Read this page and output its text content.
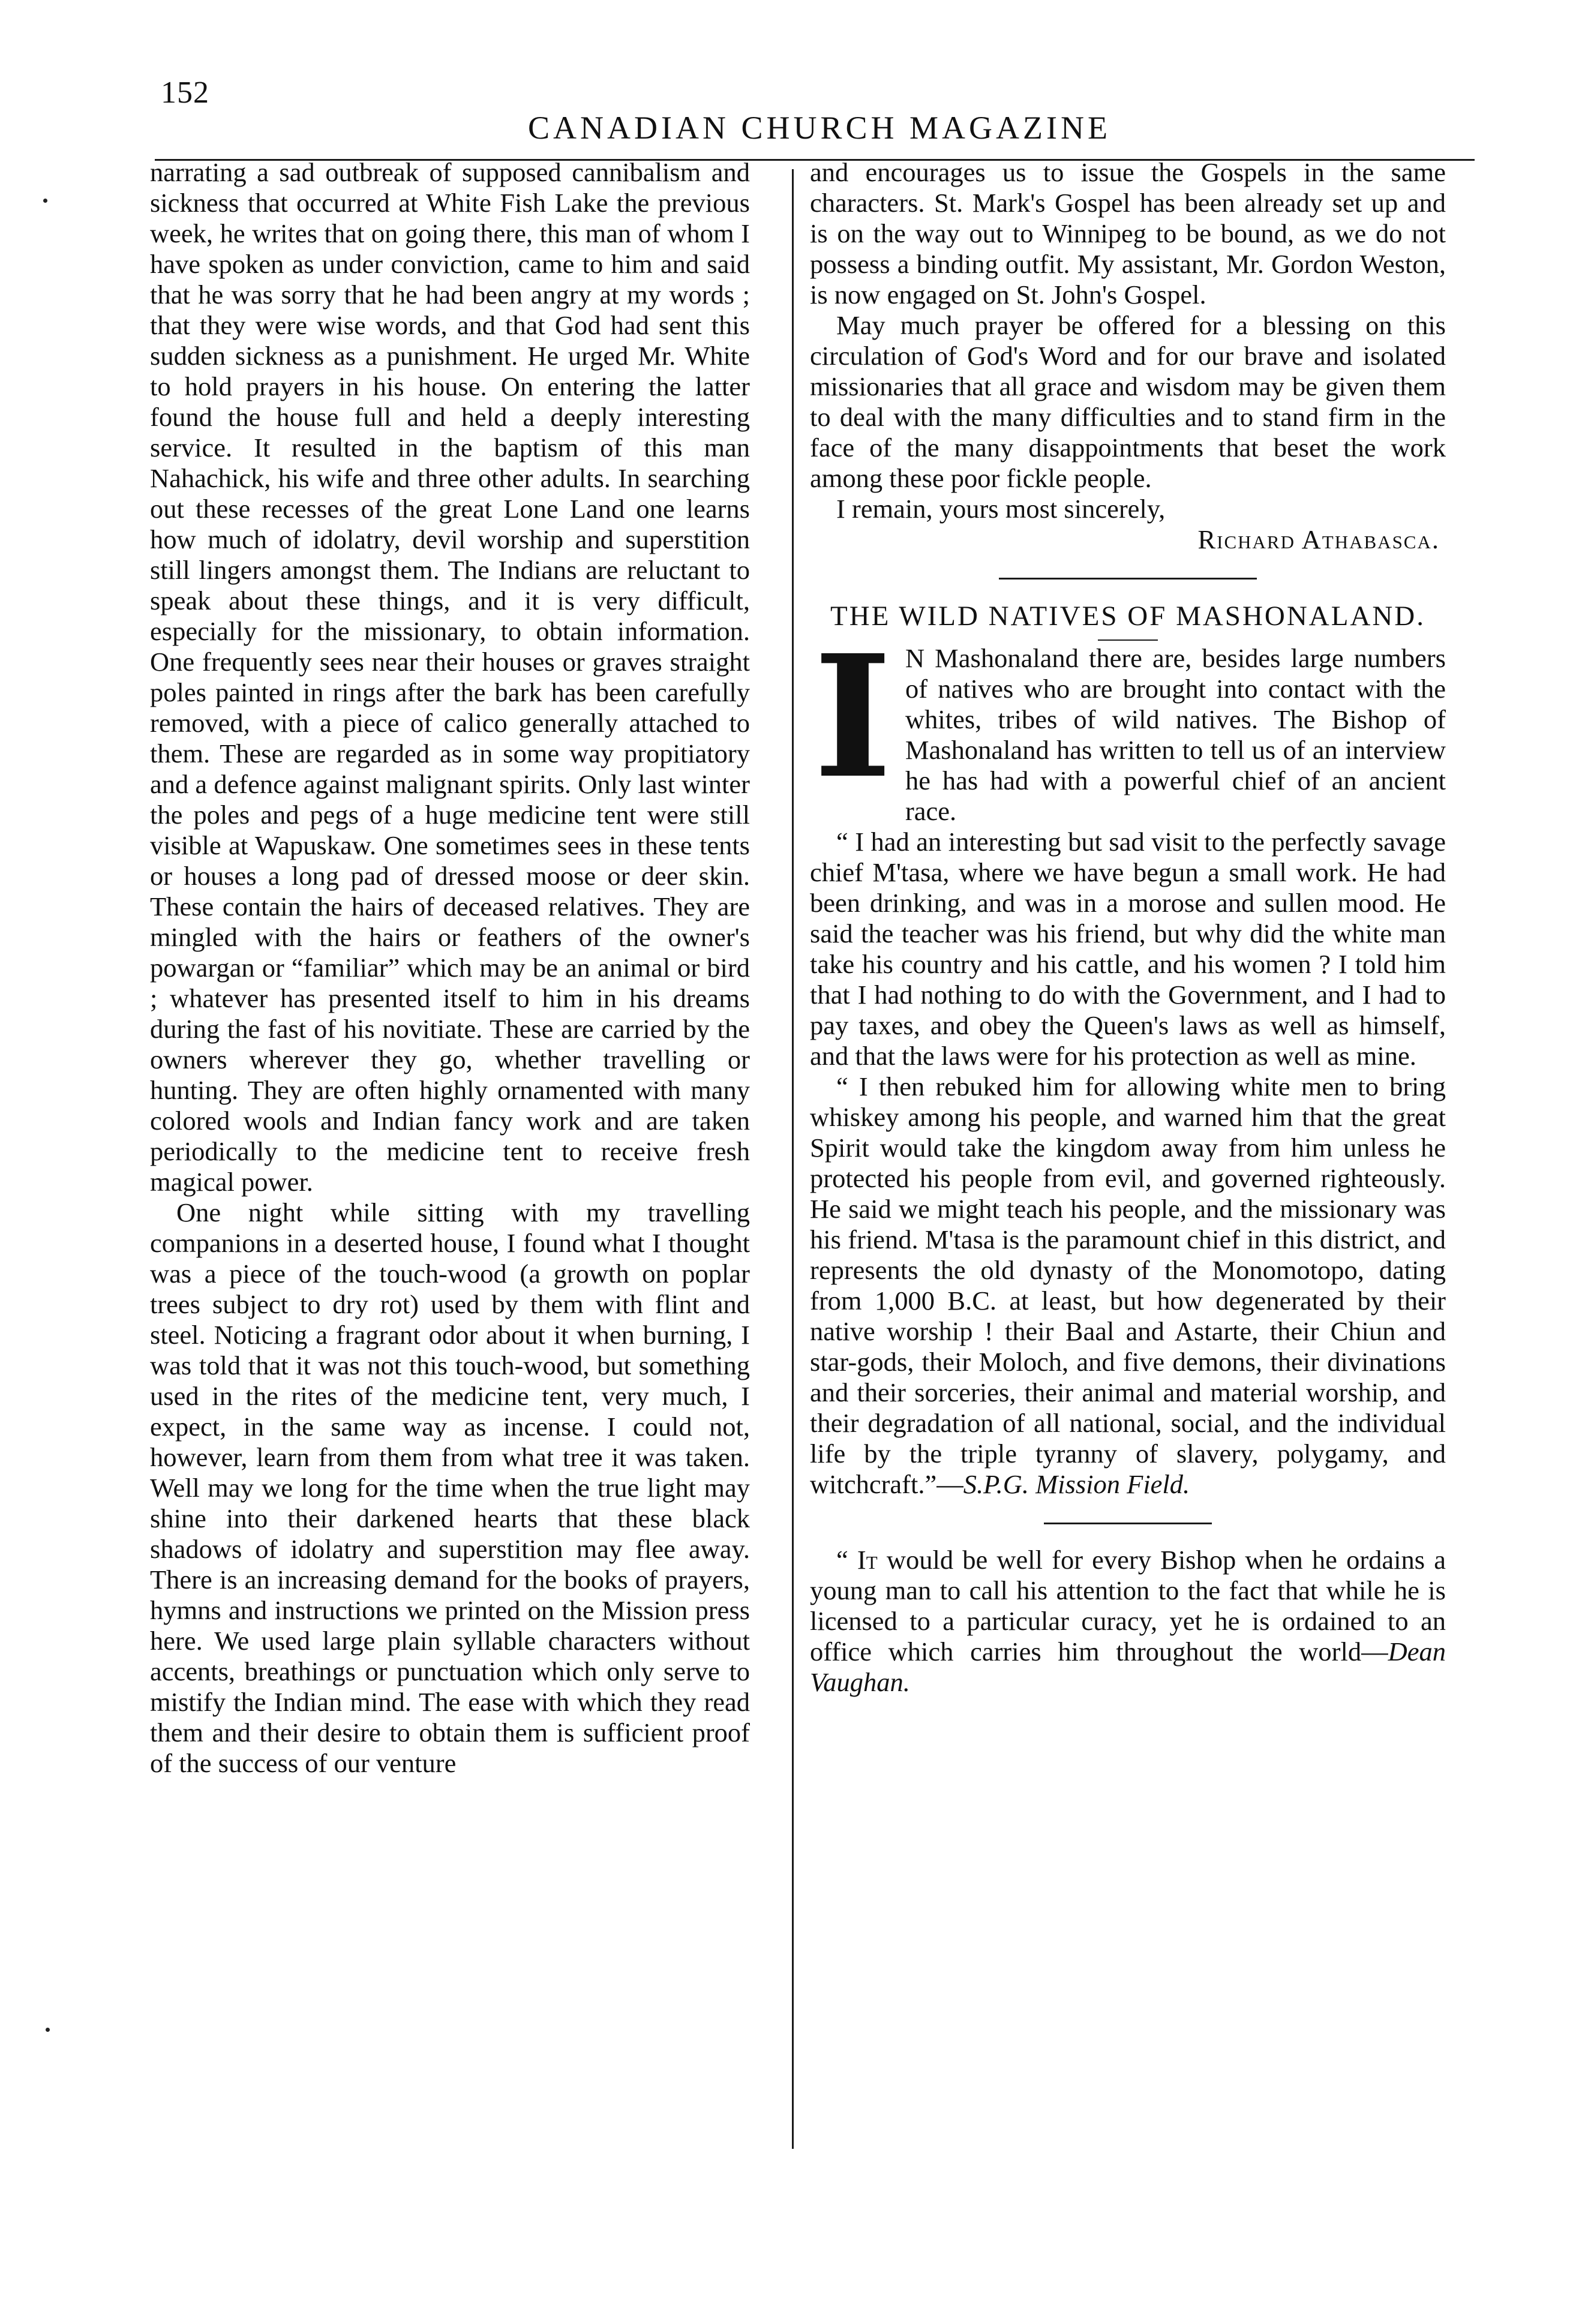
152
CANADIAN CHURCH MAGAZINE

narrating a sad outbreak of supposed cannibalism and sickness that occurred at White Fish Lake the previous week, he writes that on going there, this man of whom I have spoken as under conviction, came to him and said that he was sorry that he had been angry at my words ; that they were wise words, and that God had sent this sudden sickness as a punishment. He urged Mr. White to hold prayers in his house. On entering the latter found the house full and held a deeply interesting service. It resulted in the baptism of this man Nahachick, his wife and three other adults. In searching out these recesses of the great Lone Land one learns how much of idolatry, devil worship and superstition still lingers amongst them. The Indians are reluctant to speak about these things, and it is very difficult, especially for the missionary, to obtain information. One frequently sees near their houses or graves straight poles painted in rings after the bark has been carefully removed, with a piece of calico generally attached to them. These are regarded as in some way propitiatory and a defence against malignant spirits. Only last winter the poles and pegs of a huge medicine tent were still visible at Wapuskaw. One sometimes sees in these tents or houses a long pad of dressed moose or deer skin. These contain the hairs of deceased relatives. They are mingled with the hairs or feathers of the owner's powargan or “familiar” which may be an animal or bird ; whatever has presented itself to him in his dreams during the fast of his novitiate. These are carried by the owners wherever they go, whether travelling or hunting. They are often highly ornamented with many colored wools and Indian fancy work and are taken periodically to the medicine tent to receive fresh magical power.

One night while sitting with my travelling companions in a deserted house, I found what I thought was a piece of the touch-wood (a growth on poplar trees subject to dry rot) used by them with flint and steel. Noticing a fragrant odor about it when burning, I was told that it was not this touch-wood, but something used in the rites of the medicine tent, very much, I expect, in the same way as incense. I could not, however, learn from them from what tree it was taken. Well may we long for the time when the true light may shine into their darkened hearts that these black shadows of idolatry and superstition may flee away. There is an increasing demand for the books of prayers, hymns and instructions we printed on the Mission press here. We used large plain syllable characters without accents, breathings or punctuation which only serve to mistify the Indian mind. The ease with which they read them and their desire to obtain them is sufficient proof of the success of our venture

and encourages us to issue the Gospels in the same characters. St. Mark's Gospel has been already set up and is on the way out to Winnipeg to be bound, as we do not possess a binding outfit. My assistant, Mr. Gordon Weston, is now engaged on St. John's Gospel.

May much prayer be offered for a blessing on this circulation of God's Word and for our brave and isolated missionaries that all grace and wisdom may be given them to deal with the many difficulties and to stand firm in the face of the many disappointments that beset the work among these poor fickle people.

I remain, yours most sincerely,

Richard Athabasca.

THE WILD NATIVES OF MASHONALAND.

I N Mashonaland there are, besides large numbers of natives who are brought into contact with the whites, tribes of wild natives. The Bishop of Mashonaland has written to tell us of an interview he has had with a powerful chief of an ancient race.

“ I had an interesting but sad visit to the perfectly savage chief M'tasa, where we have begun a small work. He had been drinking, and was in a morose and sullen mood. He said the teacher was his friend, but why did the white man take his country and his cattle, and his women ? I told him that I had nothing to do with the Government, and I had to pay taxes, and obey the Queen's laws as well as himself, and that the laws were for his protection as well as mine.

“ I then rebuked him for allowing white men to bring whiskey among his people, and warned him that the great Spirit would take the kingdom away from him unless he protected his people from evil, and governed righteously. He said we might teach his people, and the missionary was his friend. M'tasa is the paramount chief in this district, and represents the old dynasty of the Monomotopo, dating from 1,000 B.C. at least, but how degenerated by their native worship ! their Baal and Astarte, their Chiun and star-gods, their Moloch, and five demons, their divinations and their sorceries, their animal and material worship, and their degradation of all national, social, and the individual life by the triple tyranny of slavery, polygamy, and witchcraft.”—S.P.G. Mission Field.

“ It would be well for every Bishop when he ordains a young man to call his attention to the fact that while he is licensed to a particular curacy, yet he is ordained to an office which carries him throughout the world—Dean Vaughan.
